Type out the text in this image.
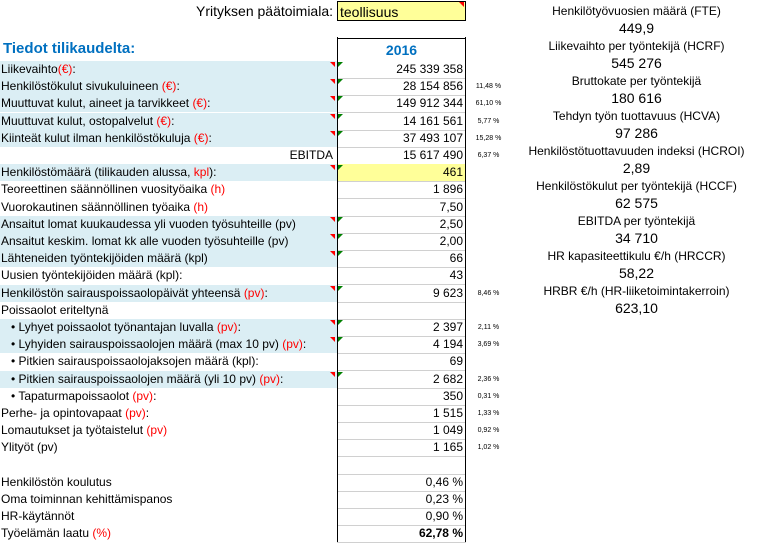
Yrityksen päätoimiala: teollisuus
Tiedot tilikaudelta:	2016
Liikevaihto(€):	245 339 358
Henkilöstökulut sivukuluineen (€):	28 154 856	11,48 %
Muuttuvat kulut, aineet ja tarvikkeet (€):	149 912 344	61,10 %
Muuttuvat kulut, ostopalvelut (€):	14 161 561	5,77 %
Kiinteät kulut ilman henkilöstökuluja (€):	37 493 107	15,28 %
EBITDA	15 617 490	6,37 %
Henkilöstömäärä (tilikauden alussa, kpl):	461
Teoreettinen säännöllinen vuosityöaika (h)	1 896
Vuorokautinen säännöllinen työaika (h)	7,50
Ansaitut lomat kuukaudessa yli vuoden työsuhteille (pv)	2,50
Ansaitut keskim. lomat kk alle vuoden työsuhteille (pv)	2,00
Lähteneiden työntekijöiden määrä (kpl)	66
Uusien työntekijöiden määrä (kpl):	43
Henkilöstön sairauspoissaolopäivät yhteensä (pv):	9 623	8,46 %
Poissaolot eriteltynä
• Lyhyet poissaolot työnantajan luvalla (pv):	2 397	2,11 %
• Lyhyiden sairauspoissaolojen määrä (max 10 pv) (pv):	4 194	3,69 %
• Pitkien sairauspoissaolojaksojen määrä (kpl):	69
• Pitkien sairauspoissaolojen määrä (yli 10 pv) (pv):	2 682	2,36 %
• Tapaturmapoissaolot (pv):	350	0,31 %
Perhe- ja opintovapaat (pv):	1 515	1,33 %
Lomautukset ja työtaistelut (pv)	1 049	0,92 %
Ylityöt (pv)	1 165	1,02 %
Henkilöstön koulutus	0,46 %
Oma toiminnan kehittämispanos	0,23 %
HR-käytännöt	0,90 %
Työelämän laatu (%)	62,78 %
Henkilötyövuosien määrä (FTE)
449,9
Liikevaihto per työntekijä (HCRF)
545 276
Bruttokate per työntekijä
180 616
Tehdyn työn tuottavuus (HCVA)
97 286
Henkilöstötuottavuuden indeksi (HCROI)
2,89
Henkilöstökulut per työntekijä (HCCF)
62 575
EBITDA per työntekijä
34 710
HR kapasiteettikulu €/h (HRCCR)
58,22
HRBR €/h (HR-liiketoimintakerroin)
623,10
